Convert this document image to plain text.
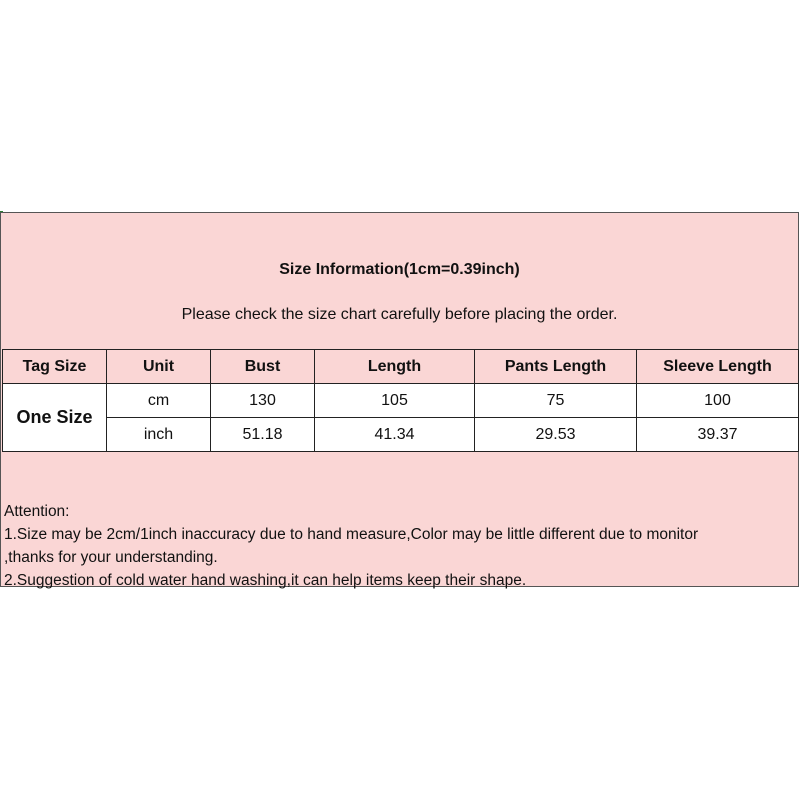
Size Information(1cm=0.39inch)
Please check the size chart carefully before placing the order.
Tag Size	Unit	Bust	Length	Pants Length	Sleeve Length
One Size	cm	130	105	75	100
	inch	51.18	41.34	29.53	39.37
Attention:
1.Size may be 2cm/1inch inaccuracy due to hand measure,Color may be little different due to monitor
,thanks for your understanding.
2.Suggestion of cold water hand washing,it can help items keep their shape.
